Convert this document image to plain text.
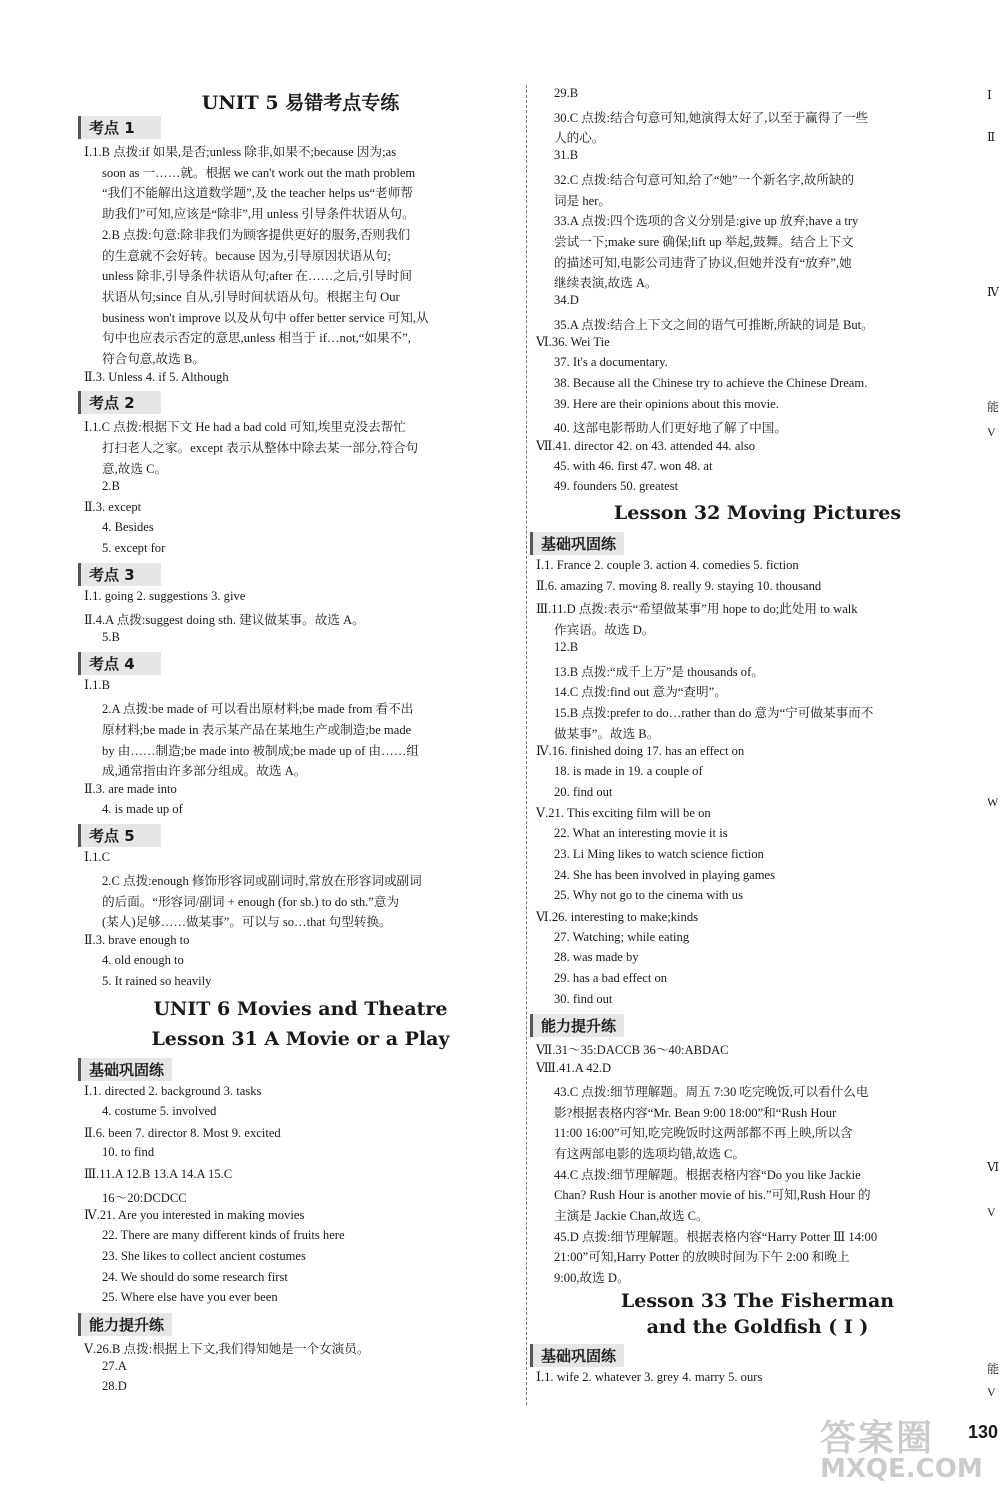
UNIT 5 易错考点专练
考点 1
Ⅰ.1.B 点拨:if 如果,是否;unless 除非,如果不;because 因为;as
soon as 一……就。根据 we can't work out the math problem
“我们不能解出这道数学题”,及 the teacher helps us“老师帮
助我们”可知,应该是“除非”,用 unless 引导条件状语从句。
2.B 点拨:句意:除非我们为顾客提供更好的服务,否则我们
的生意就不会好转。because 因为,引导原因状语从句;
unless 除非,引导条件状语从句;after 在……之后,引导时间
状语从句;since 自从,引导时间状语从句。根据主句 Our
business won't improve 以及从句中 offer better service 可知,从
句中也应表示否定的意思,unless 相当于 if…not,“如果不”,
符合句意,故选 B。
Ⅱ.3. Unless 4. if 5. Although
考点 2
Ⅰ.1.C 点拨:根据下文 He had a bad cold 可知,埃里克没去帮忙
打扫老人之家。except 表示从整体中除去某一部分,符合句
意,故选 C。
2.B
Ⅱ.3. except
4. Besides
5. except for
考点 3
Ⅰ.1. going 2. suggestions 3. give
Ⅱ.4.A 点拨:suggest doing sth. 建议做某事。故选 A。
5.B
考点 4
Ⅰ.1.B
2.A 点拨:be made of 可以看出原材料;be made from 看不出
原材料;be made in 表示某产品在某地生产或制造;be made
by 由……制造;be made into 被制成;be made up of 由……组
成,通常指由许多部分组成。故选 A。
Ⅱ.3. are made into
4. is made up of
考点 5
Ⅰ.1.C
2.C 点拨:enough 修饰形容词或副词时,常放在形容词或副词
的后面。“形容词/副词 + enough (for sb.) to do sth.”意为
(某人)足够……做某事”。可以与 so…that 句型转换。
Ⅱ.3. brave enough to
4. old enough to
5. It rained so heavily
UNIT 6 Movies and Theatre
Lesson 31 A Movie or a Play
基础巩固练
Ⅰ.1. directed 2. background 3. tasks
4. costume 5. involved
Ⅱ.6. been 7. director 8. Most 9. excited
10. to find
Ⅲ.11.A 12.B 13.A 14.A 15.C
16～20:DCDCC
Ⅳ.21. Are you interested in making movies
22. There are many different kinds of fruits here
23. She likes to collect ancient costumes
24. We should do some research first
25. Where else have you ever been
能力提升练
Ⅴ.26.B 点拨:根据上下文,我们得知她是一个女演员。
27.A
28.D
29.B
30.C 点拨:结合句意可知,她演得太好了,以至于赢得了一些
人的心。
31.B
32.C 点拨:结合句意可知,给了“她”一个新名字,故所缺的
词是 her。
33.A 点拨:四个选项的含义分别是:give up 放弃;have a try
尝试一下;make sure 确保;lift up 举起,鼓舞。结合上下文
的描述可知,电影公司违背了协议,但她并没有“放弃”,她
继续表演,故选 A。
34.D
35.A 点拨:结合上下文之间的语气可推断,所缺的词是 But。
Ⅵ.36. Wei Tie
37. It's a documentary.
38. Because all the Chinese try to achieve the Chinese Dream.
39. Here are their opinions about this movie.
40. 这部电影帮助人们更好地了解了中国。
Ⅶ.41. director 42. on 43. attended 44. also
45. with 46. first 47. won 48. at
49. founders 50. greatest
Lesson 32 Moving Pictures
基础巩固练
Ⅰ.1. France 2. couple 3. action 4. comedies 5. fiction
Ⅱ.6. amazing 7. moving 8. really 9. staying 10. thousand
Ⅲ.11.D 点拨:表示“希望做某事”用 hope to do;此处用 to walk
作宾语。故选 D。
12.B
13.B 点拨:“成千上万”是 thousands of。
14.C 点拨:find out 意为“查明”。
15.B 点拨:prefer to do…rather than do 意为“宁可做某事而不
做某事”。故选 B。
Ⅳ.16. finished doing 17. has an effect on
18. is made in 19. a couple of
20. find out
Ⅴ.21. This exciting film will be on
22. What an interesting movie it is
23. Li Ming likes to watch science fiction
24. She has been involved in playing games
25. Why not go to the cinema with us
Ⅵ.26. interesting to make;kinds
27. Watching; while eating
28. was made by
29. has a bad effect on
30. find out
能力提升练
Ⅶ.31～35:DACCB 36～40:ABDAC
Ⅷ.41.A 42.D
43.C 点拨:细节理解题。周五 7:30 吃完晚饭,可以看什么电
影?根据表格内容“Mr. Bean 9:00 18:00”和“Rush Hour
11:00 16:00”可知,吃完晚饭时这两部都不再上映,所以含
有这两部电影的选项均错,故选 C。
44.C 点拨:细节理解题。根据表格内容“Do you like Jackie
Chan? Rush Hour is another movie of his.”可知,Rush Hour 的
主演是 Jackie Chan,故选 C。
45.D 点拨:细节理解题。根据表格内容“Harry Potter Ⅲ 14:00
21:00”可知,Harry Potter 的放映时间为下午 2:00 和晚上
9:00,故选 D。
Lesson 33 The Fisherman
and the Goldfish ( Ⅰ )
基础巩固练
Ⅰ.1. wife 2. whatever 3. grey 4. marry 5. ours
Ⅰ
Ⅱ
Ⅳ
能
V
W
Ⅵ
V
能
V
130
答案圈
MXQE.COM
